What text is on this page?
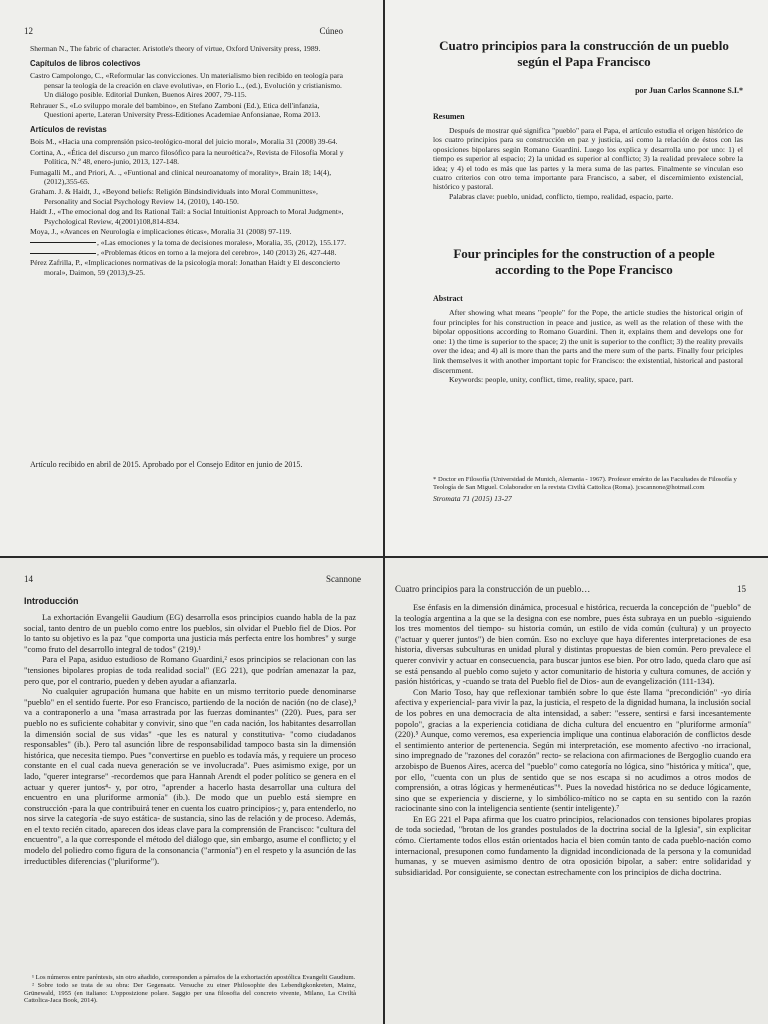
12	Cúneo

Sherman N., The fabric of character. Aristotle's theory of virtue, Oxford University press, 1989.

Capítulos de libros colectivos

Castro Campolongo, C., «Reformular las convicciones. Un materialismo bien recibido en teología para pensar la teología de la creación en clave evolutiva», en Florio L., (ed.), Evolución y cristianismo. Un diálogo posible. Editorial Dunken, Buenos Aires 2007, 79-115.

Rehrauer S., «Lo sviluppo morale del bambino», en Stefano Zamboni (Ed.), Etica dell'infanzia, Questioni aperte, Lateran University Press-Editiones Academiae Anfonsianae, Roma 2013.

Artículos de revistas

Bois M., «Hacia una comprensión psico-teológico-moral del juicio moral», Moralia 31 (2008) 39-64.

Cortina, A., «Ética del discurso ¿un marco filosófico para la neuroética?», Revista de Filosofía Moral y Política, N.º 48, enero-junio, 2013, 127-148.

Fumagalli M., and Priori, A. ., «Funtional and clinical neuroanatomy of morality», Brain 18; 14(4), (2012),355-65.

Graham. J. & Haidt, J., «Beyond beliefs: Religión Bindsindividuals into Moral Communittes», Personality and Social Psychology Review 14, (2010), 140-150.

Haidt J., «The emocional dog and Its Rational Tail: a Social Intuitionist Approach to Moral Judgment», Psychological Review, 4(2001)108,814-834.

Moya, J., «Avances en Neurología e implicaciones éticas», Moralia 31 (2008) 97-119.

, «Las emociones y la toma de decisiones morales», Moralia, 35, (2012), 155.177.

, «Problemas éticos en torno a la mejora del cerebro», 140 (2013) 26, 427-448.

Pérez Zafrilla, P., «Implicaciones normativas de la psicología moral: Jonathan Haidt y El desconcierto moral», Daimon, 59 (2013),9-25.

Artículo recibido en abril de 2015. Aprobado por el Consejo Editor en junio de 2015.

Cuatro principios para la construcción de un pueblo según el Papa Francisco

por Juan Carlos Scannone S.I.*

Resumen

Después de mostrar qué significa "pueblo" para el Papa, el artículo estudia el origen histórico de los cuatro principios para su construcción en paz y justicia, así como la relación de éstos con las oposiciones bipolares según Romano Guardini. Luego los explica y desarrolla uno por uno: 1) el tiempo es superior al espacio; 2) la unidad es superior al conflicto; 3) la realidad prevalece sobre la idea; y 4) el todo es más que las partes y la mera suma de las partes. Finalmente se vinculan eso cuatro criterios con otro tema importante para Francisco, a saber, el discernimiento existencial, histórico y pastoral.

Palabras clave: pueblo, unidad, conflicto, tiempo, realidad, espacio, parte.

Four principles for the construction of a people according to the Pope Francisco

Abstract

After showing what means "people" for the Pope, the article studies the historical origin of four principles for his construction in peace and justice, as well as the relation of these with the bipolar oppositions according to Romano Guardini. Then it, explains them and develops one for one: 1) the time is superior to the space; 2) the unit is superior to the conflict; 3) the reality prevails over the idea; and 4) all is more than the parts and the mere sum of the parts. Finally four priciples link themselves it with another important topic for Francisco: the existential, historical and pastoral discernment.

Keywords: people, unity, conflict, time, reality, space, part.

* Doctor en Filosofía (Universidad de Munich, Alemania - 1967). Profesor emérito de las Facultades de Filosofía y Teología de San Miguel. Colaborador en la revista Civiltà Cattolica (Roma). jcscannone@hotmail.com

Stromata 71 (2015) 13-27

14	Scannone
Introducción

La exhortación Evangelii Gaudium (EG) desarrolla esos principios cuando habla de la paz social, tanto dentro de un pueblo como entre los pueblos, sin olvidar el Pueblo fiel de Dios. Por lo tanto su objetivo es la paz "que comporta una justicia más perfecta entre los hombres" y surge "como fruto del desarrollo integral de todos" (219).¹

Para el Papa, asiduo estudioso de Romano Guardini,² esos principios se relacionan con las "tensiones bipolares propias de toda realidad social" (EG 221), que podrían amenazar la paz, pero que, por el contrario, pueden y deben ayudar a afianzarla.

No cualquier agrupación humana que habite en un mismo territorio puede denominarse "pueblo" en el sentido fuerte. Por eso Francisco, partiendo de la noción de nación (no de clase),³ va a contraponerlo a una "masa arrastrada por las fuerzas dominantes" (220). Pues, para ser pueblo no es suficiente cohabitar y convivir, sino que "en cada nación, los habitantes desarrollan la dimensión social de sus vidas" -que les es natural y constitutiva- "como ciudadanos responsables" (ib.). Pero tal asunción libre de responsabilidad tampoco basta sin la dimensión histórica, que necesita tiempo. Pues "convertirse en pueblo es todavía más, y requiere un proceso constante en el cual cada nueva generación se ve involucrada". Pues asimismo exige, por un lado, "querer integrarse" -recordemos que para Hannah Arendt el poder político se genera en el actuar y querer juntos⁴- y, por otro, "aprender a hacerlo hasta desarrollar una cultura del encuentro en una pluriforme armonía" (ib.). De modo que un pueblo está siempre en construcción -para la que contribuirá tener en cuenta los cuatro principios-; y, para entenderlo, no nos sirve la categoría -de suyo estática- de sustancia, sino las de relación y de proceso. Además, en el texto recién citado, aparecen dos ideas clave para la comprensión de Francisco: "cultura del encuentro", a la que corresponde el método del diálogo que, sin embargo, asume el conflicto; y el modelo del poliedro como figura de la consonancia ("armonía") en el respeto y la asunción de las irreductibles diferencias ("pluriforme").

¹ Los números entre paréntesis, sin otro añadido, corresponden a párrafos de la exhortación apostólica Evangelii Gaudium.

² Sobre todo se trata de su obra: Der Gegensatz. Versuche zu einer Philosophie des Lebendigkonkreten, Mainz, Grünewald, 1955 (en italiano: L'opposizione polare. Saggio per una filosofia del concreto vivente, Milano, La Civiltà Cattolica-Jaca Book, 2014).

Cuatro principios para la construcción de un pueblo…	15

Ese énfasis en la dimensión dinámica, procesual e histórica, recuerda la concepción de "pueblo" de la teología argentina a la que se la designa con ese nombre, pues ésta subraya en un pueblo -siguiendo los tres momentos del tiempo- su historia común, un estilo de vida común (cultura) y un proyecto ("actuar y querer juntos") de bien común. Eso no excluye que haya diferentes interpretaciones de esa historia, diversas subculturas en unidad plural y distintas propuestas de bien común. Pero prevalece el querer convivir y actuar en consecuencia, para buscar juntos ese bien. Por otro lado, queda claro que así se está pensando al pueblo como sujeto y actor comunitario de historia y cultura comunes, de acción y pasión históricas, y -cuando se trata del Pueblo fiel de Dios- aun de evangelización (111-134).

Con Mario Toso, hay que reflexionar también sobre lo que éste llama "precondición" -yo diría afectiva y experiencial- para vivir la paz, la justicia, el respeto de la dignidad humana, la inclusión social de los pobres en una democracia de alta intensidad, a saber: "essere, sentirsi e farsi incesantemente popolo", gracias a la experiencia cotidiana de dicha cultura del encuentro en "pluriforme armonía" (220).⁵ Aunque, como veremos, esa experiencia implique una continua elaboración de conflictos desde el sentimiento anterior de pertenencia. Según mi interpretación, ese momento afectivo -no irracional, sino impregnado de "razones del corazón" recto- se relaciona con afirmaciones de Bergoglio cuando era arzobispo de Buenos Aires, acerca del "pueblo" como categoría no lógica, sino "histórica y mítica", que, por ello, "cuenta con un plus de sentido que se nos escapa si no acudimos a otros modos de comprensión, a otras lógicas y hermenéuticas"⁶. Pues la novedad histórica no se deduce lógicamente, sino que se experiencia y discierne, y lo simbólico-mítico no se capta en su sentido con la razón raciocinante sino con la inteligencia sentiente (sentir inteligente).⁷

En EG 221 el Papa afirma que los cuatro principios, relacionados con tensiones bipolares propias de toda sociedad, "brotan de los grandes postulados de la doctrina social de la Iglesia", sin explicitar cómo. Ciertamente todos ellos están orientados hacia el bien común tanto de cada pueblo-nación como internacional, presuponen como fundamento la dignidad incondicionada de la persona y la comunidad humanas, y se mueven asimismo dentro de otra oposición bipolar, a saber: entre solidaridad y subsidiaridad. Por consiguiente, se conectan estrechamente con los principios de dicha doctrina.
